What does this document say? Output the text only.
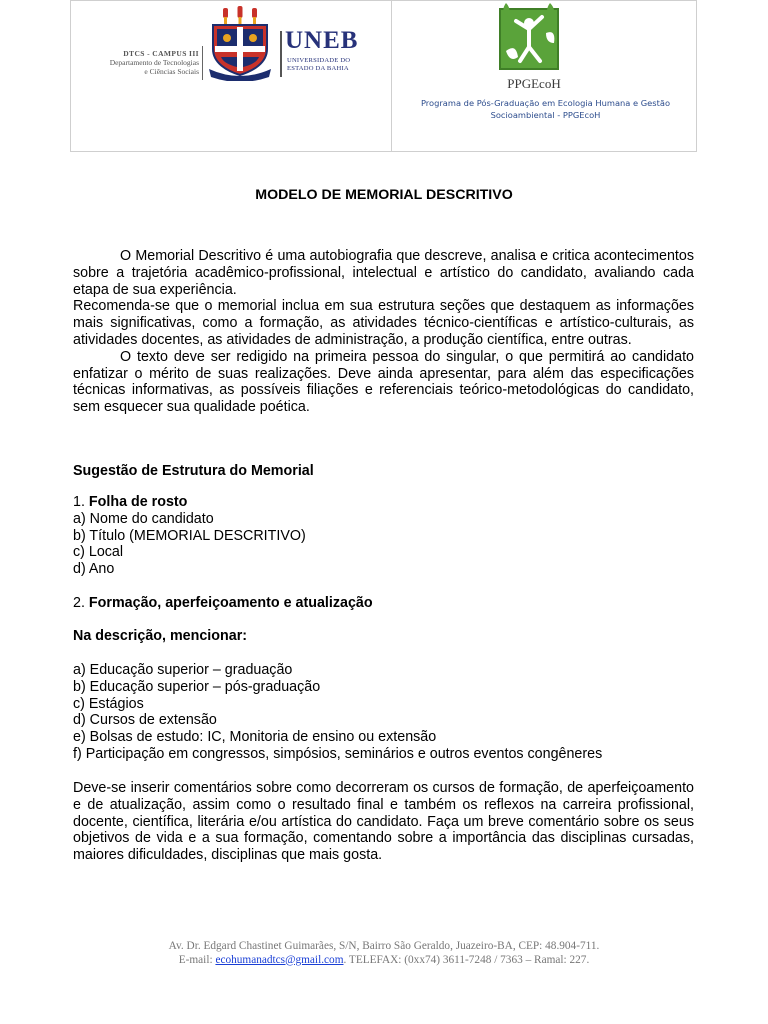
DTCS - CAMPUS III
Departamento de Tecnologias
e Ciências Sociais
UNEB
UNIVERSIDADE DO
ESTADO DA BAHIA
PPGEcoH
Programa de Pós-Graduação em Ecologia Humana e Gestão
Socioambiental - PPGEcoH
MODELO DE MEMORIAL DESCRITIVO

O Memorial Descritivo é uma autobiografia que descreve, analisa e critica acontecimentos sobre a trajetória acadêmico-profissional, intelectual e artístico do candidato, avaliando cada etapa de sua experiência.

Recomenda-se que o memorial inclua em sua estrutura seções que destaquem as informações mais significativas, como a formação, as atividades técnico-científicas e artístico-culturais, as atividades docentes, as atividades de administração, a produção científica, entre outras.

O texto deve ser redigido na primeira pessoa do singular, o que permitirá ao candidato enfatizar o mérito de suas realizações. Deve ainda apresentar, para além das especificações técnicas informativas, as possíveis filiações e referenciais teórico-metodológicas do candidato, sem esquecer sua qualidade poética.

Sugestão de Estrutura do Memorial

1. Folha de rosto

a) Nome do candidato

b) Título (MEMORIAL DESCRITIVO)

c) Local

d) Ano

2. Formação, aperfeiçoamento e atualização

Na descrição, mencionar:

a) Educação superior – graduação

b) Educação superior – pós-graduação

c) Estágios

d) Cursos de extensão

e) Bolsas de estudo: IC, Monitoria de ensino ou extensão

f) Participação em congressos, simpósios, seminários e outros eventos congêneres

Deve-se inserir comentários sobre como decorreram os cursos de formação, de aperfeiçoamento e de atualização, assim como o resultado final e também os reflexos na carreira profissional, docente, científica, literária e/ou artística do candidato. Faça um breve comentário sobre os seus objetivos de vida e a sua formação, comentando sobre a importância das disciplinas cursadas, maiores dificuldades, disciplinas que mais gosta.
Av. Dr. Edgard Chastinet Guimarães, S/N, Bairro São Geraldo, Juazeiro-BA, CEP: 48.904-711.
E-mail: ecohumanadtcs@gmail.com. TELEFAX: (0xx74) 3611-7248 / 7363 – Ramal: 227.
